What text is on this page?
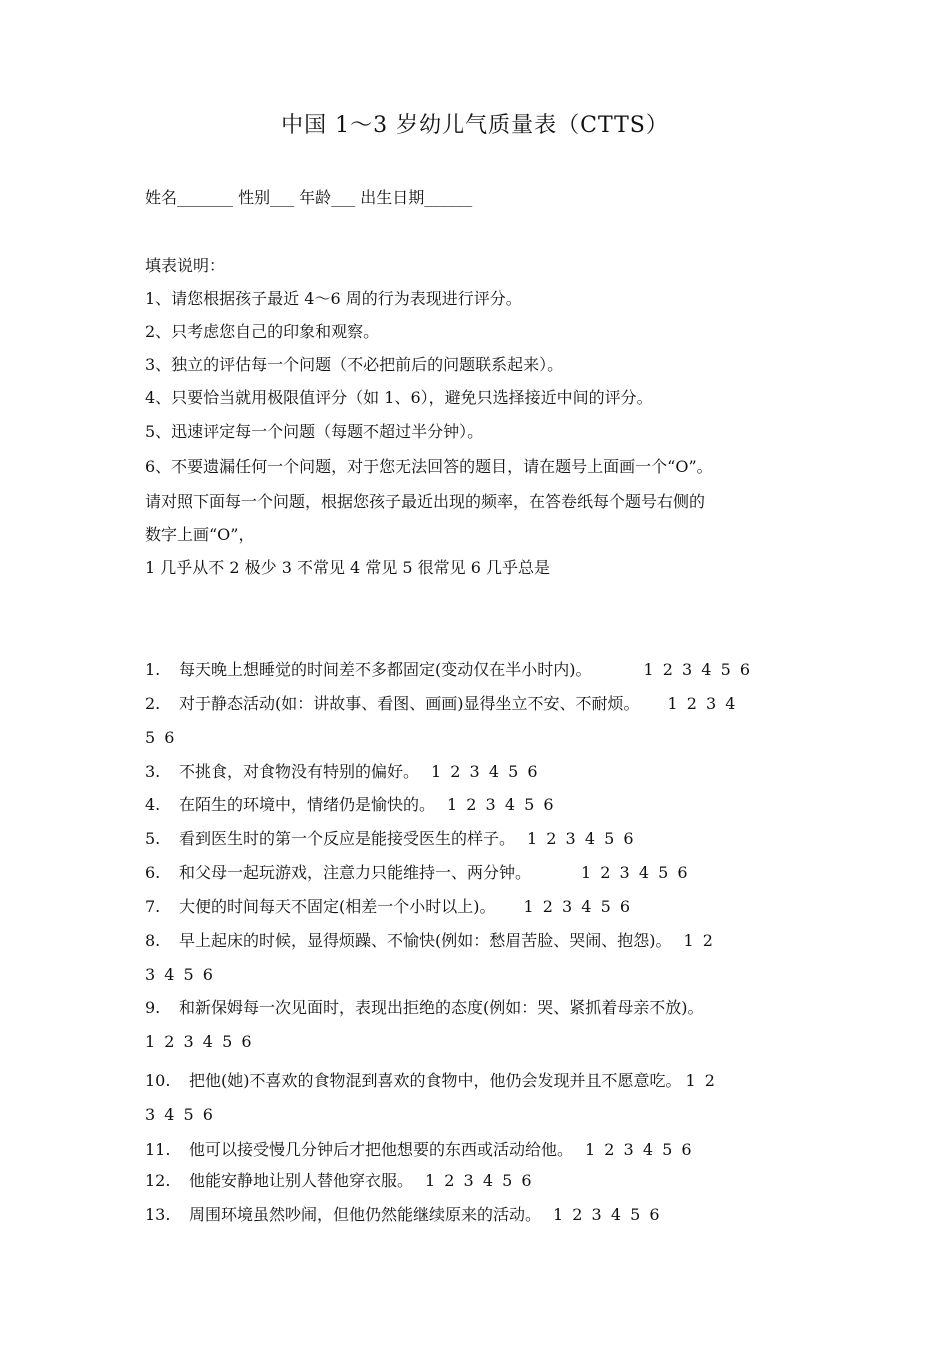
中国 1～3 岁幼儿气质量表（CTTS）
姓名_______ 性别___ 年龄___ 出生日期______
填表说明：
1、请您根据孩子最近 4～6 周的行为表现进行评分。
2、只考虑您自己的印象和观察。
3、独立的评估每一个问题（不必把前后的问题联系起来）。
4、只要恰当就用极限值评分（如 1、6），避免只选择接近中间的评分。
5、迅速评定每一个问题（每题不超过半分钟）。
6、不要遗漏任何一个问题，对于您无法回答的题目，请在题号上面画一个“O”。
请对照下面每一个问题，根据您孩子最近出现的频率，在答卷纸每个题号右侧的
数字上画“O”，
1 几乎从不 2 极少 3 不常见 4 常见 5 很常见 6 几乎总是
1.	每天晚上想睡觉的时间差不多都固定(变动仅在半小时内)。	1 2 3 4 5 6
2.	对于静态活动(如：讲故事、看图、画画)显得坐立不安、不耐烦。 1 2 3 4
5 6
3.	不挑食，对食物没有特别的偏好。 1 2 3 4 5 6
4.	在陌生的环境中，情绪仍是愉快的。 1 2 3 4 5 6
5.	看到医生时的第一个反应是能接受医生的样子。 1 2 3 4 5 6
6.	和父母一起玩游戏，注意力只能维持一、两分钟。	1 2 3 4 5 6
7.	大便的时间每天不固定(相差一个小时以上)。 1 2 3 4 5 6
8.	早上起床的时候，显得烦躁、不愉快(例如：愁眉苦脸、哭闹、抱怨)。 1 2
3 4 5 6
9.	和新保姆每一次见面时，表现出拒绝的态度(例如：哭、紧抓着母亲不放)。
1 2 3 4 5 6
10.	把他(她)不喜欢的食物混到喜欢的食物中，他仍会发现并且不愿意吃。 1 2
3 4 5 6
11.	他可以接受慢几分钟后才把他想要的东西或活动给他。 1 2 3 4 5 6
12.	他能安静地让别人替他穿衣服。 1 2 3 4 5 6
13.	周围环境虽然吵闹，但他仍然能继续原来的活动。 1 2 3 4 5 6
